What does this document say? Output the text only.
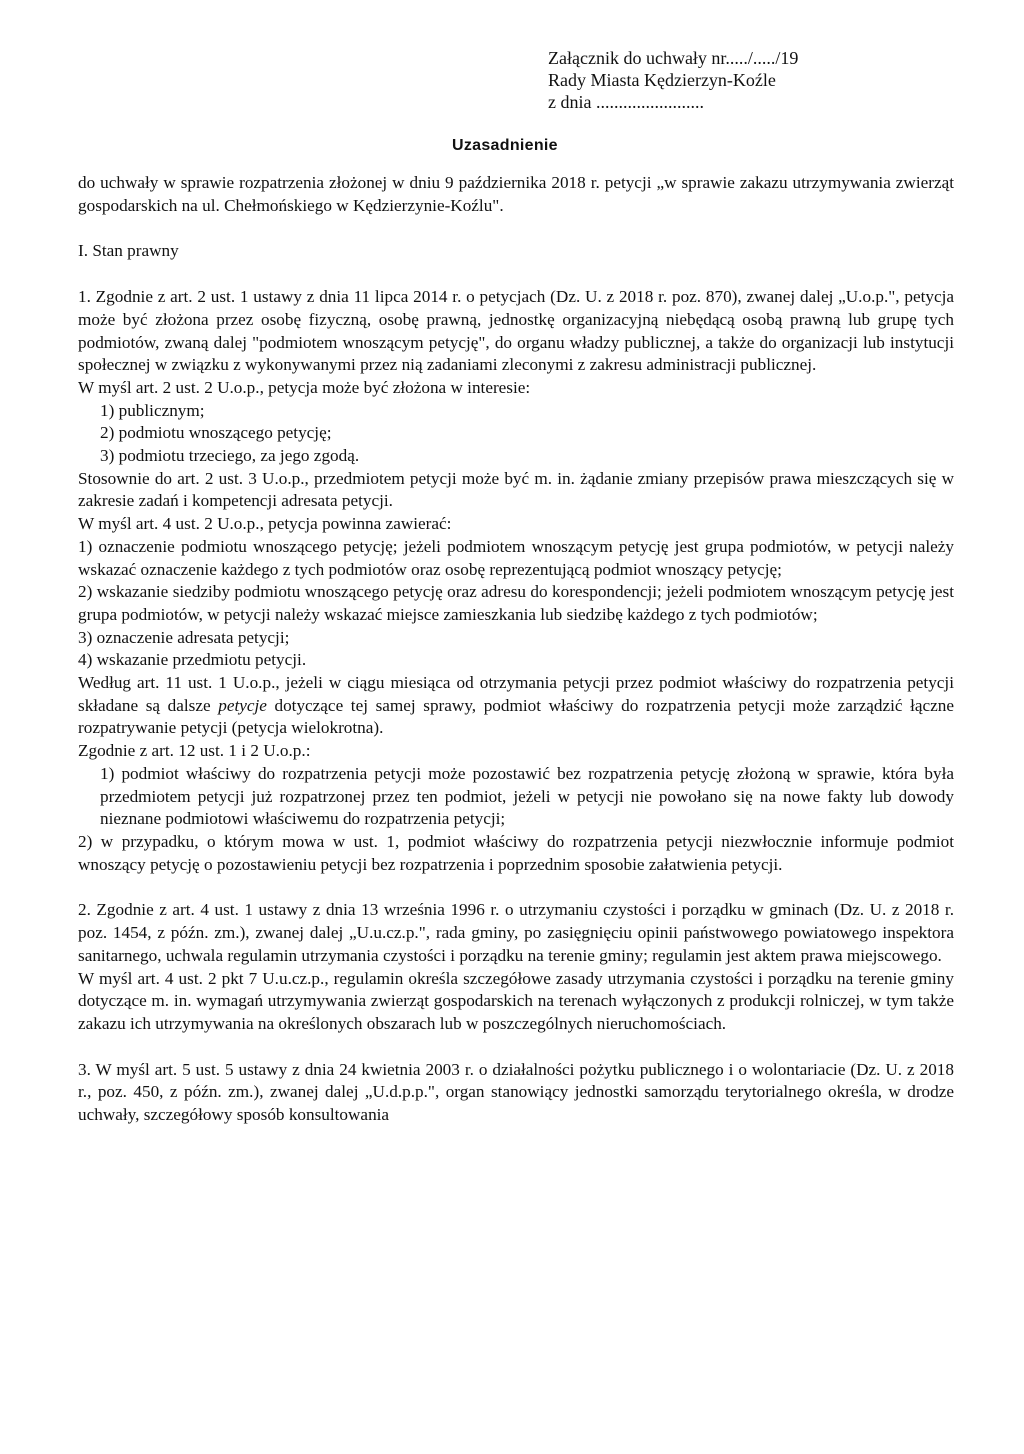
Załącznik do uchwały nr...../...../19
Rady Miasta Kędzierzyn-Koźle
z dnia ........................
Uzasadnienie
do uchwały w sprawie rozpatrzenia złożonej w dniu 9 października 2018 r. petycji „w sprawie zakazu utrzymywania zwierząt gospodarskich na ul. Chełmońskiego w Kędzierzynie-Koźlu".
I. Stan prawny
1. Zgodnie z art. 2 ust. 1 ustawy z dnia 11 lipca 2014 r. o petycjach (Dz. U. z 2018 r. poz. 870), zwanej dalej „U.o.p.", petycja może być złożona przez osobę fizyczną, osobę prawną, jednostkę organizacyjną niebędącą osobą prawną lub grupę tych podmiotów, zwaną dalej "podmiotem wnoszącym petycję", do organu władzy publicznej, a także do organizacji lub instytucji społecznej w związku z wykonywanymi przez nią zadaniami zleconymi z zakresu administracji publicznej.
W myśl art. 2 ust. 2 U.o.p., petycja może być złożona w interesie:
1) publicznym;
2) podmiotu wnoszącego petycję;
3) podmiotu trzeciego, za jego zgodą.
Stosownie do art. 2 ust. 3 U.o.p., przedmiotem petycji może być m. in. żądanie zmiany przepisów prawa mieszczących się w zakresie zadań i kompetencji adresata petycji.
W myśl art. 4 ust. 2 U.o.p., petycja powinna zawierać:
1) oznaczenie podmiotu wnoszącego petycję; jeżeli podmiotem wnoszącym petycję jest grupa podmiotów, w petycji należy wskazać oznaczenie każdego z tych podmiotów oraz osobę reprezentującą podmiot wnoszący petycję;
2) wskazanie siedziby podmiotu wnoszącego petycję oraz adresu do korespondencji; jeżeli podmiotem wnoszącym petycję jest grupa podmiotów, w petycji należy wskazać miejsce zamieszkania lub siedzibę każdego z tych podmiotów;
3) oznaczenie adresata petycji;
4) wskazanie przedmiotu petycji.
Według art. 11 ust. 1 U.o.p., jeżeli w ciągu miesiąca od otrzymania petycji przez podmiot właściwy do rozpatrzenia petycji składane są dalsze petycje dotyczące tej samej sprawy, podmiot właściwy do rozpatrzenia petycji może zarządzić łączne rozpatrywanie petycji (petycja wielokrotna).
Zgodnie z art. 12 ust. 1 i 2 U.o.p.:
1) podmiot właściwy do rozpatrzenia petycji może pozostawić bez rozpatrzenia petycję złożoną w sprawie, która była przedmiotem petycji już rozpatrzonej przez ten podmiot, jeżeli w petycji nie powołano się na nowe fakty lub dowody nieznane podmiotowi właściwemu do rozpatrzenia petycji;
2) w przypadku, o którym mowa w ust. 1, podmiot właściwy do rozpatrzenia petycji niezwłocznie informuje podmiot wnoszący petycję o pozostawieniu petycji bez rozpatrzenia i poprzednim sposobie załatwienia petycji.
2. Zgodnie z art. 4 ust. 1 ustawy z dnia 13 września 1996 r. o utrzymaniu czystości i porządku w gminach (Dz. U. z 2018 r. poz. 1454, z późn. zm.), zwanej dalej „U.u.cz.p.", rada gminy, po zasięgnięciu opinii państwowego powiatowego inspektora sanitarnego, uchwala regulamin utrzymania czystości i porządku na terenie gminy; regulamin jest aktem prawa miejscowego.
W myśl art. 4 ust. 2 pkt 7 U.u.cz.p., regulamin określa szczegółowe zasady utrzymania czystości i porządku na terenie gminy dotyczące m. in. wymagań utrzymywania zwierząt gospodarskich na terenach wyłączonych z produkcji rolniczej, w tym także zakazu ich utrzymywania na określonych obszarach lub w poszczególnych nieruchomościach.
3. W myśl art. 5 ust. 5 ustawy z dnia 24 kwietnia 2003 r. o działalności pożytku publicznego i o wolontariacie (Dz. U. z 2018 r., poz. 450, z późn. zm.), zwanej dalej „U.d.p.p.", organ stanowiący jednostki samorządu terytorialnego określa, w drodze uchwały, szczegółowy sposób konsultowania
